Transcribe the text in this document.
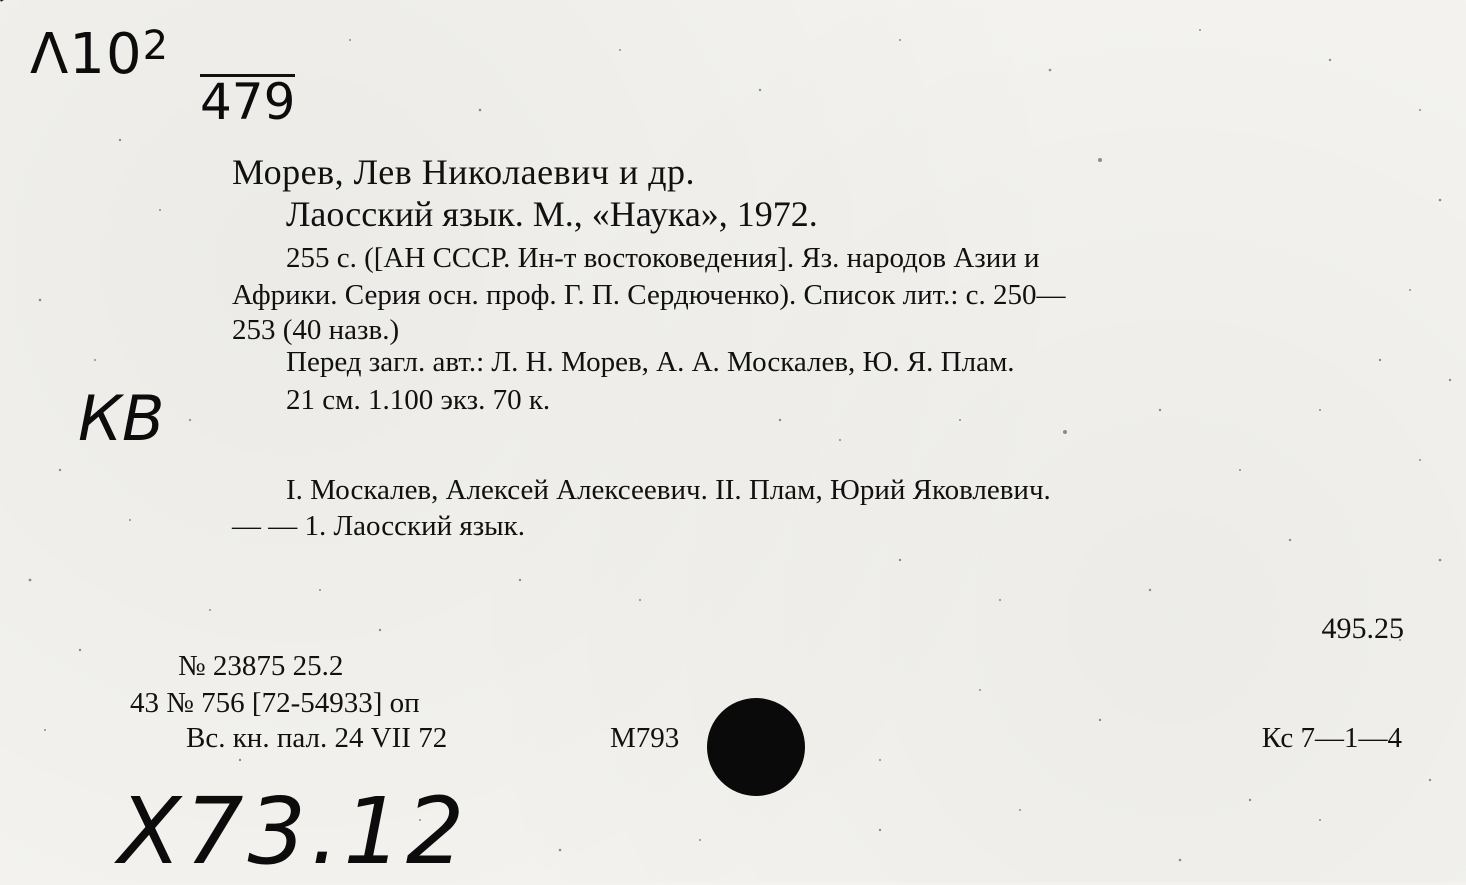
$\Lambda 10^2$
479
КВ
Морев, Лев Николаевич и др.
Лаосский язык. М., «Наука», 1972.
255 с. ([АН СССР. Ин-т востоковедения]. Яз. народов Азии и
Африки. Серия осн. проф. Г. П. Сердюченко). Список лит.: с. 250—
253 (40 назв.)
Перед загл. авт.: Л. Н. Морев, А. А. Москалев, Ю. Я. Плам.
21 см. 1.100 экз. 70 к.
I. Москалев, Алексей Алексеевич. II. Плам, Юрий Яковлевич.
— — 1. Лаосский язык.
495.25
№ 23875 25.2
43 № 756 [72-54933] оп
Вс. кн. пал. 24 VII 72	М793	Кс 7—1—4
Х73.12
